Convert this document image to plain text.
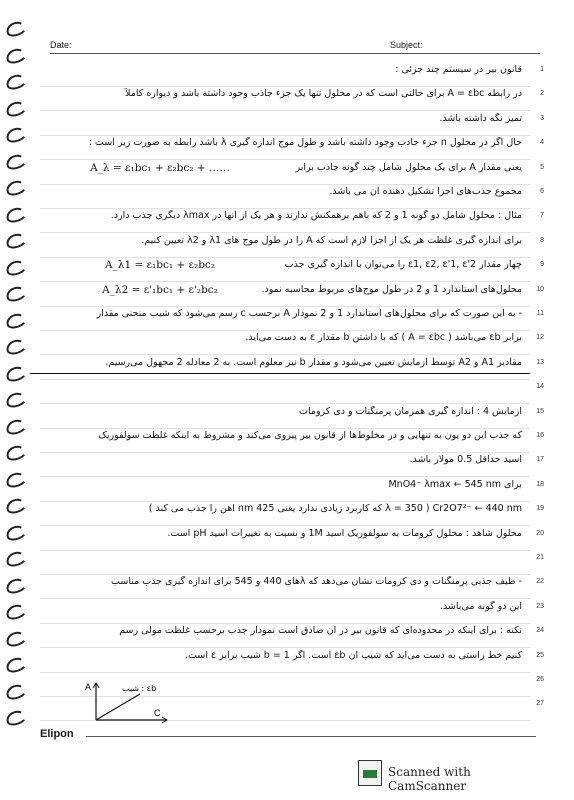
Date:	Subject:
1
قانون بیر در سیستم چند جزئی :
2
در رابطه A = εbc برای حالتی است که در محلول تنها یک جزء جاذب وجود داشته باشد و دیواره کاملاً
3
تمیز نگه داشته باشد.
4
حال اگر در محلول n جزء جاذب وجود داشته باشد و طول موج اندازه گیری λ باشد رابطه به صورت زیر است :
5
یعنی مقدار A برای یک محلول شامل چند گونه جاذب برابر
A_λ = ε₁bc₁ + ε₂bc₂ + ……
6
مجموع جذب‌های اجزا تشکیل دهنده آن می باشد.
7
مثال : محلول شامل دو گونه 1 و 2 که باهم برهمکنش ندارند و هر یک از آنها در λmax دیگری جذب دارد.
8
برای اندازه گیری غلظت هر یک از اجزا لازم است که A را در طول موج های λ1 و λ2 تعیین کنیم.
9
چهار مقدار ε1, ε2, ε'1, ε'2 را می‌توان با اندازه گیری جذب
A_λ1 = ε₁bc₁ + ε₂bc₂
10
محلول‌های استاندارد 1 و 2 در طول موج‌های مربوط محاسبه نمود.
A_λ2 = ε'₁bc₁ + ε'₂bc₂
11
- به این صورت که برای محلول‌های استاندارد 1 و 2 نمودار A برحسب c رسم می‌شود که شیب منحنی مقدار
12
برابر εb می‌باشد ( A = εbc ) که با داشتن b مقدار ε به دست می‌آید.
13
مقادیر A1 و A2 توسط آزمایش تعیین می‌شود و مقدار b نیز معلوم است. به 2 معادله 2 مجهول می‌رسیم.
14
15
آزمایش 4 : اندازه گیری همزمان پرمنگنات و دی کرومات
16
که جذب این دو یون به تنهایی و در مخلوط‌ها از قانون بیر پیروی می‌کند و مشروط به اینکه غلظت سولفوریک
17
اسید حداقل 0.5 مولار باشد.
18
برای MnO4⁻ λmax ← 545 nm
19
Cr2O7²⁻ ← 440 nm ( λ = 350 که کاربرد زیادی ندارد یعنی 425 nm آهن را جذب می کند )
20
محلول شاهد : محلول کرومات به سولفوریک اسید 1M و نسبت به تغییرات اسید pH است.
21
22
- طیف جذبی پرمنگنات و دی کرومات نشان می‌دهد که λهای 440 و 545 برای اندازه گیری جذب مناسب
23
این دو گونه می‌باشد.
24
نکته : برای اینکه در محدوده‌ای که قانون بیر در آن صادق است نمودار جذب برحسب غلظت مولی رسم
25
کنیم خط راستی به دست می‌آید که شیب آن εb است. اگر b = 1 شیب برابر ε است.
26
27
A
C
شیب : εb
Elipon
Scanned with CamScanner
